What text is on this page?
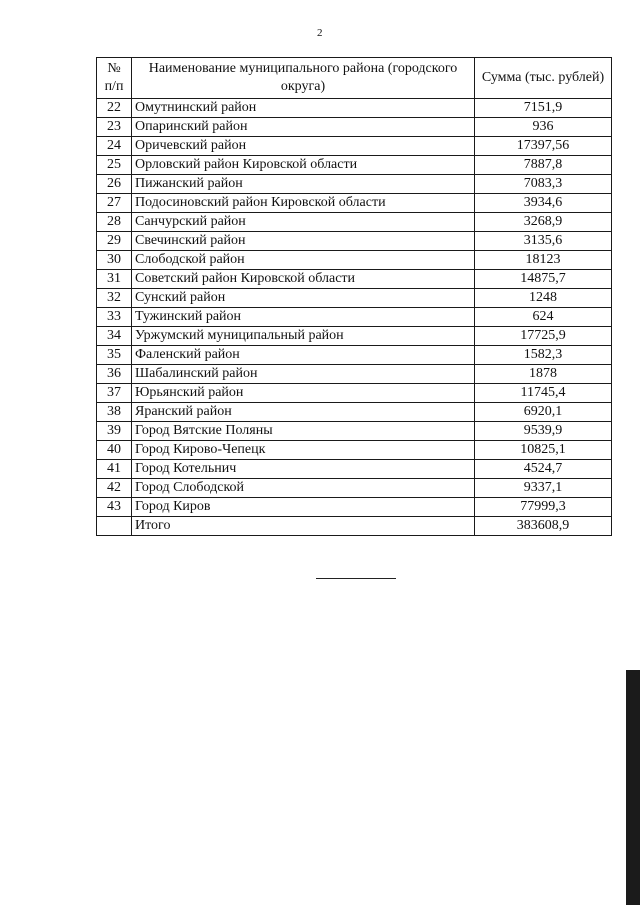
2
№ п/п	Наименование муниципального района (городского округа)	Сумма (тыс. рублей)
22	Омутнинский район	7151,9
23	Опаринский район	936
24	Оричевский район	17397,56
25	Орловский район Кировской области	7887,8
26	Пижанский район	7083,3
27	Подосиновский район Кировской области	3934,6
28	Санчурский район	3268,9
29	Свечинский район	3135,6
30	Слободской район	18123
31	Советский район Кировской области	14875,7
32	Сунский район	1248
33	Тужинский район	624
34	Уржумский муниципальный район	17725,9
35	Фаленский район	1582,3
36	Шабалинский район	1878
37	Юрьянский район	11745,4
38	Яранский район	6920,1
39	Город Вятские Поляны	9539,9
40	Город Кирово-Чепецк	10825,1
41	Город Котельнич	4524,7
42	Город Слободской	9337,1
43	Город Киров	77999,3
	Итого	383608,9
